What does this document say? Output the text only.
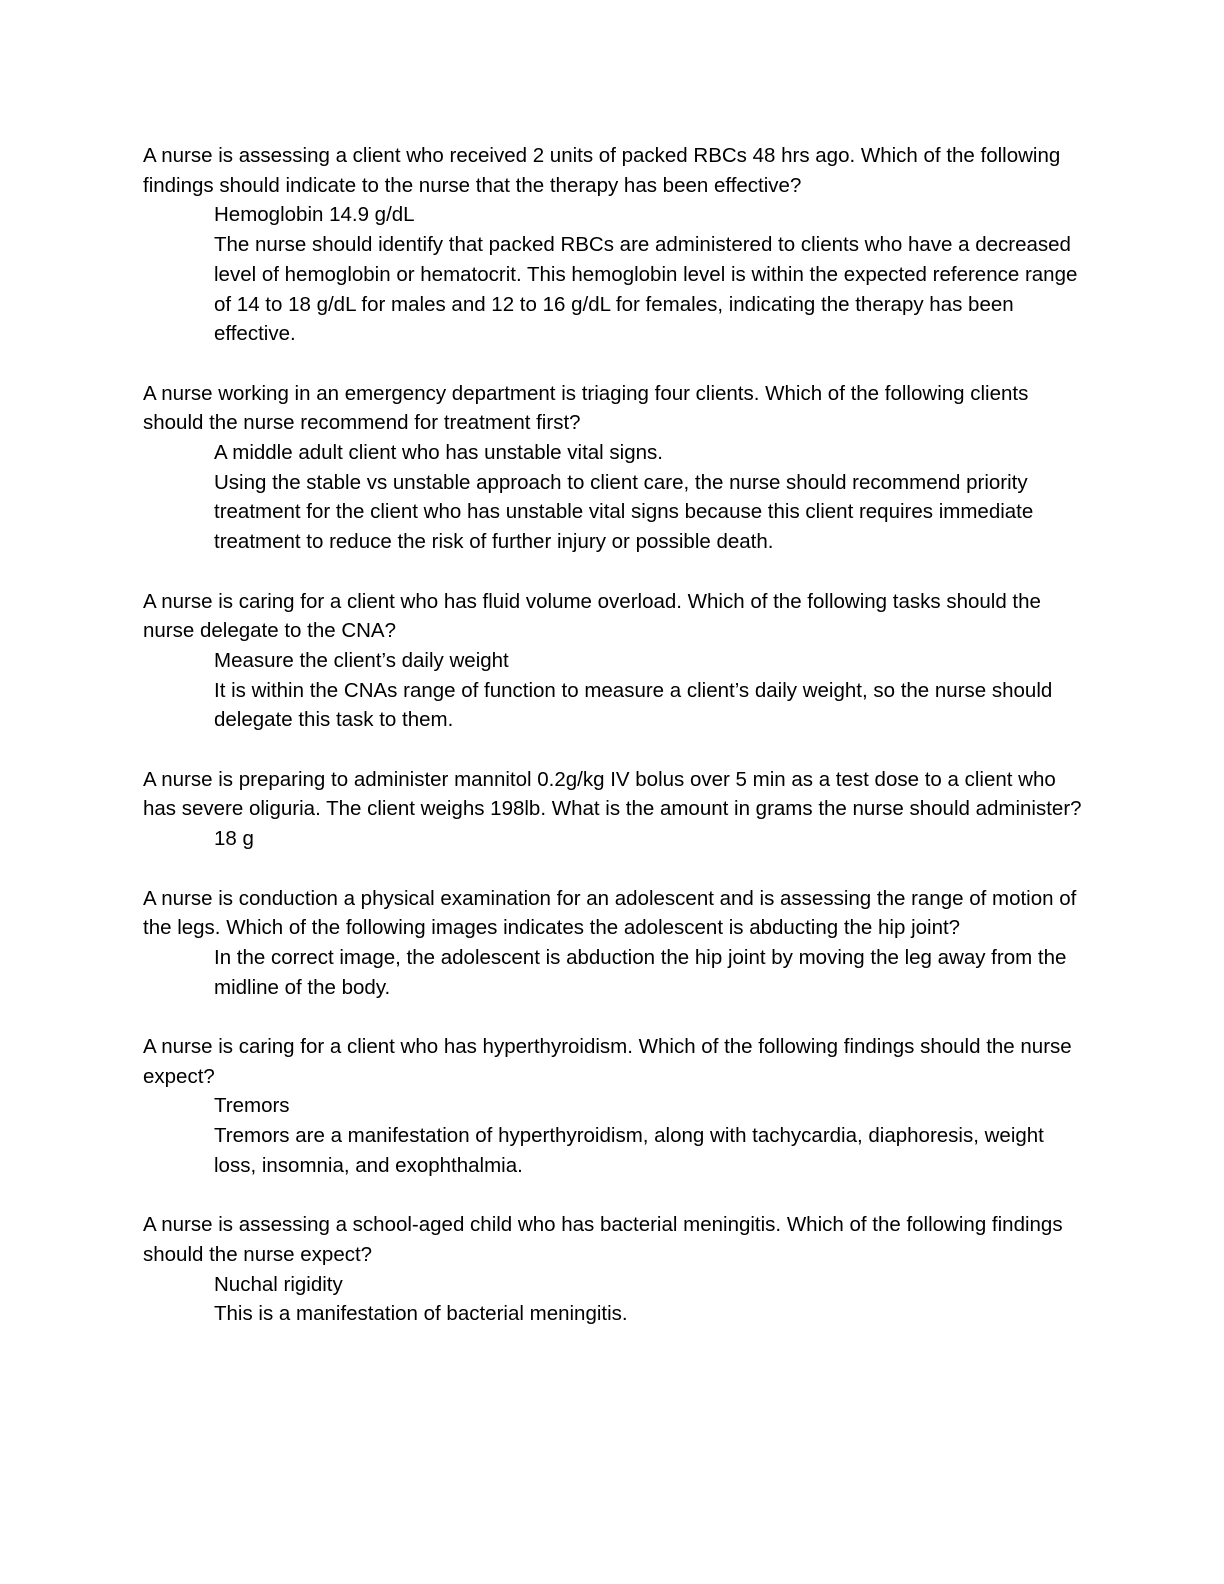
A nurse is assessing a client who received 2 units of packed RBCs 48 hrs ago. Which of the following findings should indicate to the nurse that the therapy has been effective?
Hemoglobin 14.9 g/dL
The nurse should identify that packed RBCs are administered to clients who have a decreased level of hemoglobin or hematocrit. This hemoglobin level is within the expected reference range of 14 to 18 g/dL for males and 12 to 16 g/dL for females, indicating the therapy has been effective.
A nurse working in an emergency department is triaging four clients. Which of the following clients should the nurse recommend for treatment first?
A middle adult client who has unstable vital signs.
Using the stable vs unstable approach to client care, the nurse should recommend priority treatment for the client who has unstable vital signs because this client requires immediate treatment to reduce the risk of further injury or possible death.
A nurse is caring for a client who has fluid volume overload. Which of the following tasks should the nurse delegate to the CNA?
Measure the client’s daily weight
It is within the CNAs range of function to measure a client’s daily weight, so the nurse should delegate this task to them.
A nurse is preparing to administer mannitol 0.2g/kg IV bolus over 5 min as a test dose to a client who has severe oliguria. The client weighs 198lb. What is the amount in grams the nurse should administer?
18 g
A nurse is conduction a physical examination for an adolescent and is assessing the range of motion of the legs. Which of the following images indicates the adolescent is abducting the hip joint?
In the correct image, the adolescent is abduction the hip joint by moving the leg away from the midline of the body.
A nurse is caring for a client who has hyperthyroidism. Which of the following findings should the nurse expect?
Tremors
Tremors are a manifestation of hyperthyroidism, along with tachycardia, diaphoresis, weight loss, insomnia, and exophthalmia.
A nurse is assessing a school-aged child who has bacterial meningitis. Which of the following findings should the nurse expect?
Nuchal rigidity
This is a manifestation of bacterial meningitis.
